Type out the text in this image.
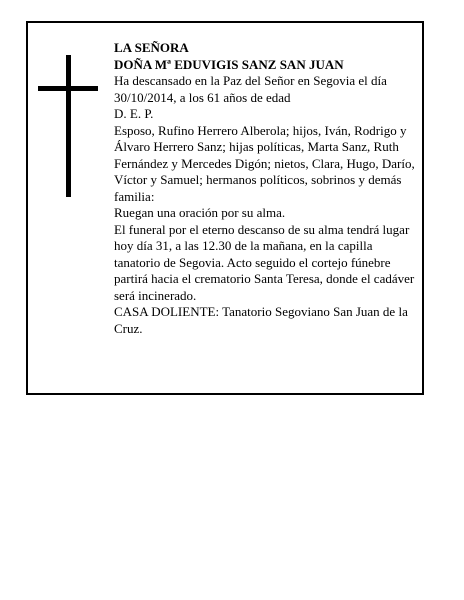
LA SEÑORA

DOÑA Mª EDUVIGIS SANZ SAN JUAN

Ha descansado en la Paz del Señor en Segovia el día 30/10/2014, a los 61 años de edad

D. E. P.

Esposo, Rufino Herrero Alberola; hijos, Iván, Rodrigo y Álvaro Herrero Sanz; hijas políticas, Marta Sanz, Ruth Fernández y Mercedes Digón; nietos, Clara, Hugo, Darío, Víctor y Samuel; hermanos políticos, sobrinos y demás familia:

Ruegan una oración por su alma.

El funeral por el eterno descanso de su alma tendrá lugar hoy día 31, a las 12.30 de la mañana, en la capilla tanatorio de Segovia. Acto seguido el cortejo fúnebre partirá hacia el crematorio Santa Teresa, donde el cadáver será incinerado.

CASA DOLIENTE: Tanatorio Segoviano San Juan de la Cruz.
